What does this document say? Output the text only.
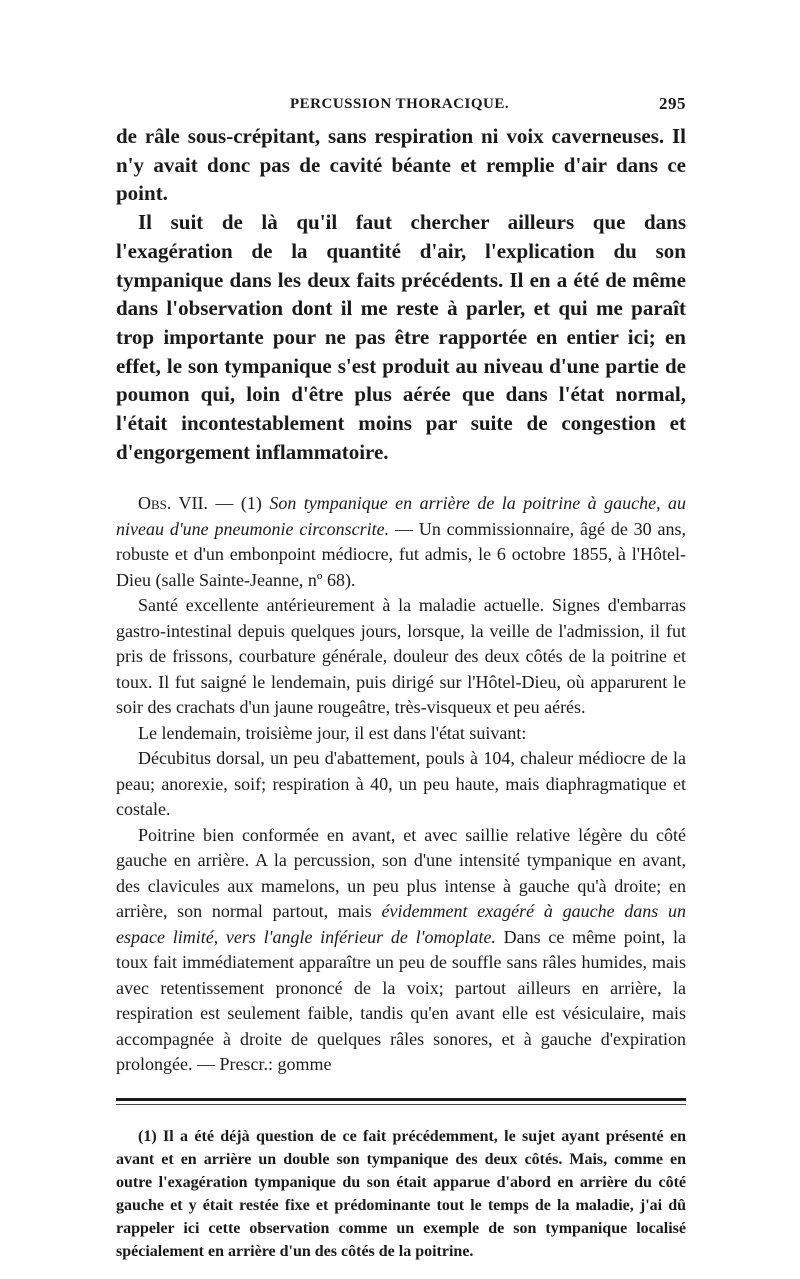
PERCUSSION THORACIQUE.	295

de râle sous-crépitant, sans respiration ni voix caverneuses. Il n'y avait donc pas de cavité béante et remplie d'air dans ce point.

Il suit de là qu'il faut chercher ailleurs que dans l'exagération de la quantité d'air, l'explication du son tympanique dans les deux faits précédents. Il en a été de même dans l'observation dont il me reste à parler, et qui me paraît trop importante pour ne pas être rapportée en entier ici; en effet, le son tympanique s'est produit au niveau d'une partie de poumon qui, loin d'être plus aérée que dans l'état normal, l'était incontestablement moins par suite de congestion et d'engorgement inflammatoire.

Obs. VII. — (1) Son tympanique en arrière de la poitrine à gauche, au niveau d'une pneumonie circonscrite. — Un commissionnaire, âgé de 30 ans, robuste et d'un embonpoint médiocre, fut admis, le 6 octobre 1855, à l'Hôtel-Dieu (salle Sainte-Jeanne, nº 68).

Santé excellente antérieurement à la maladie actuelle. Signes d'embarras gastro-intestinal depuis quelques jours, lorsque, la veille de l'admission, il fut pris de frissons, courbature générale, douleur des deux côtés de la poitrine et toux. Il fut saigné le lendemain, puis dirigé sur l'Hôtel-Dieu, où apparurent le soir des crachats d'un jaune rougeâtre, très-visqueux et peu aérés.

Le lendemain, troisième jour, il est dans l'état suivant:

Décubitus dorsal, un peu d'abattement, pouls à 104, chaleur médiocre de la peau; anorexie, soif; respiration à 40, un peu haute, mais diaphragmatique et costale.

Poitrine bien conformée en avant, et avec saillie relative légère du côté gauche en arrière. A la percussion, son d'une intensité tympanique en avant, des clavicules aux mamelons, un peu plus intense à gauche qu'à droite; en arrière, son normal partout, mais évidemment exagéré à gauche dans un espace limité, vers l'angle inférieur de l'omoplate. Dans ce même point, la toux fait immédiatement apparaître un peu de souffle sans râles humides, mais avec retentissement prononcé de la voix; partout ailleurs en arrière, la respiration est seulement faible, tandis qu'en avant elle est vésiculaire, mais accompagnée à droite de quelques râles sonores, et à gauche d'expiration prolongée. — Prescr.: gomme

(1) Il a été déjà question de ce fait précédemment, le sujet ayant présenté en avant et en arrière un double son tympanique des deux côtés. Mais, comme en outre l'exagération tympanique du son était apparue d'abord en arrière du côté gauche et y était restée fixe et prédominante tout le temps de la maladie, j'ai dû rappeler ici cette observation comme un exemple de son tympanique localisé spécialement en arrière d'un des côtés de la poitrine.
